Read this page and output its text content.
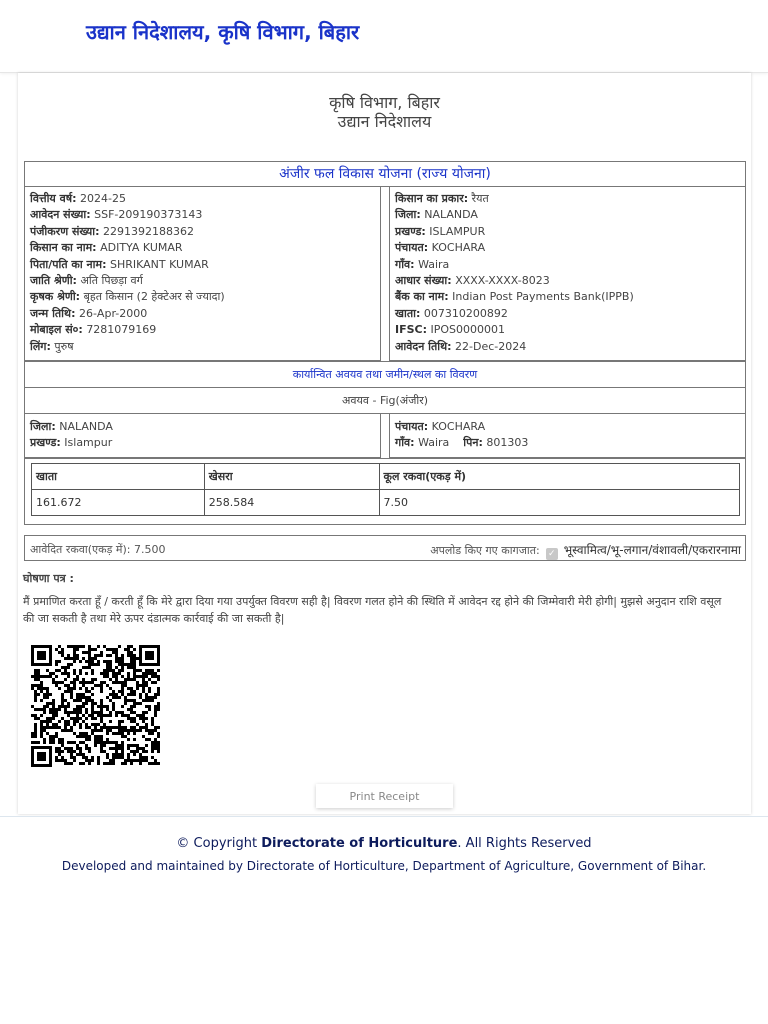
उद्यान निदेशालय, कृषि विभाग, बिहार
कृषि विभाग, बिहार
उद्यान निदेशालय
अंजीर फल विकास योजना (राज्य योजना)
वित्तीय वर्ष: 2024-25
आवेदन संख्या: SSF-209190373143
पंजीकरण संख्या: 2291392188362
किसान का नाम: ADITYA KUMAR
पिता/पति का नाम: SHRIKANT KUMAR
जाति श्रेणी: अति पिछड़ा वर्ग
कृषक श्रेणी: बृहत किसान (2 हेक्टेअर से ज्यादा)
जन्म तिथि: 26-Apr-2000
मोबाइल सं०: 7281079169
लिंग: पुरुष
किसान का प्रकार: रैयत
जिला: NALANDA
प्रखण्ड: ISLAMPUR
पंचायत: KOCHARA
गाँव: Waira
आधार संख्या: XXXX-XXXX-8023
बैंक का नाम: Indian Post Payments Bank(IPPB)
खाता: 007310200892
IFSC: IPOS0000001
आवेदन तिथि: 22-Dec-2024
कार्यान्वित अवयव तथा जमीन/स्थल का विवरण
अवयव - Fig(अंजीर)
जिला: NALANDA
प्रखण्ड: Islampur
पंचायत: KOCHARA
गाँव: Waira पिन: 801303
खाता	खेसरा	कूल रकवा(एकड़ में)
161.672	258.584	7.50
आवेदित रकवा(एकड़ में): 7.500	अपलोड किए गए कागजात: ✓ भूस्वामित्व/भू-लगान/वंशावली/एकरारनामा
घोषणा पत्र :
मैं प्रमाणित करता हूँ / करती हूँ कि मेरे द्वारा दिया गया उपर्युक्त विवरण सही है| विवरण गलत होने की स्थिति में आवेदन रद्द होने की जिम्मेवारी मेरी होगी| मुझसे अनुदान राशि वसूल की जा सकती है तथा मेरे ऊपर दंडात्मक कार्रवाई की जा सकती है|
Print Receipt
© Copyright Directorate of Horticulture. All Rights Reserved
Developed and maintained by Directorate of Horticulture, Department of Agriculture, Government of Bihar.
